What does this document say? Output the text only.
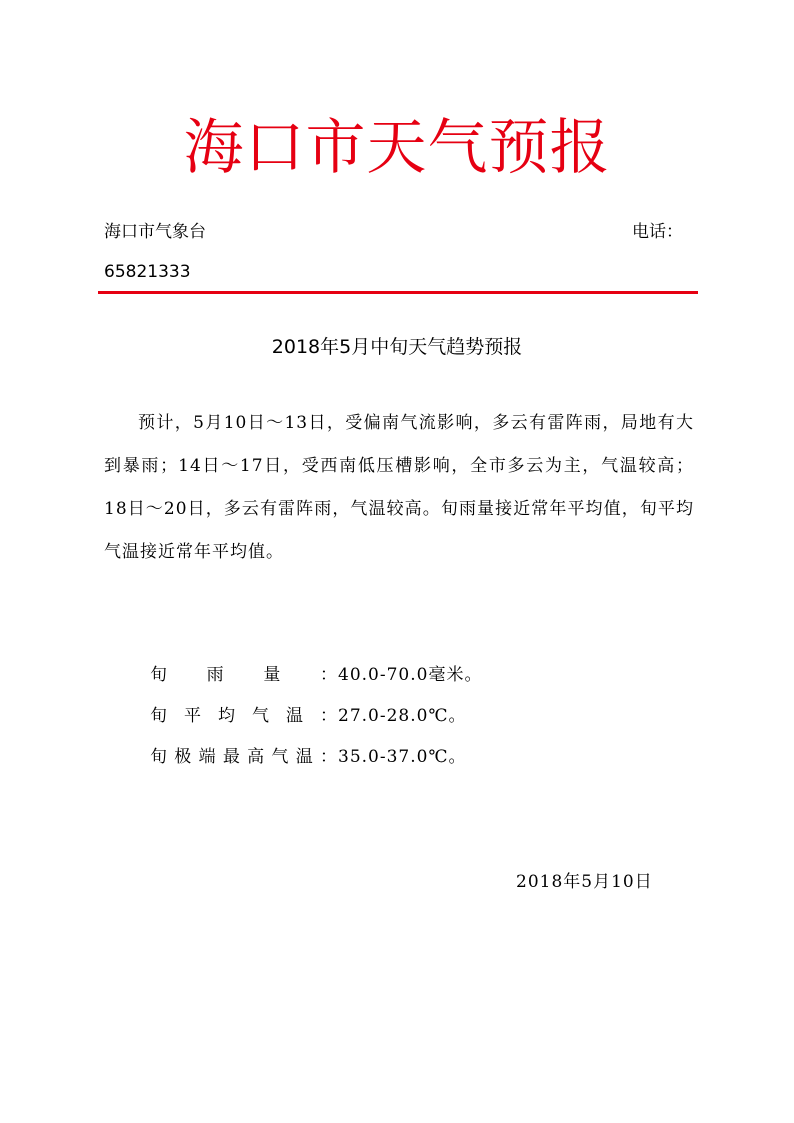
海口市天气预报
海口市气象台	电话：
65821333
2018年5月中旬天气趋势预报

预计，5月10日～13日，受偏南气流影响，多云有雷阵雨，局地有大到暴雨；14日～17日，受西南低压槽影响，全市多云为主，气温较高；18日～20日，多云有雷阵雨，气温较高。旬雨量接近常年平均值，旬平均气温接近常年平均值。

旬雨量： 40.0-70.0毫米。
旬平均气温： 27.0-28.0℃。
旬极端最高气温： 35.0-37.0℃。
2018年5月10日
